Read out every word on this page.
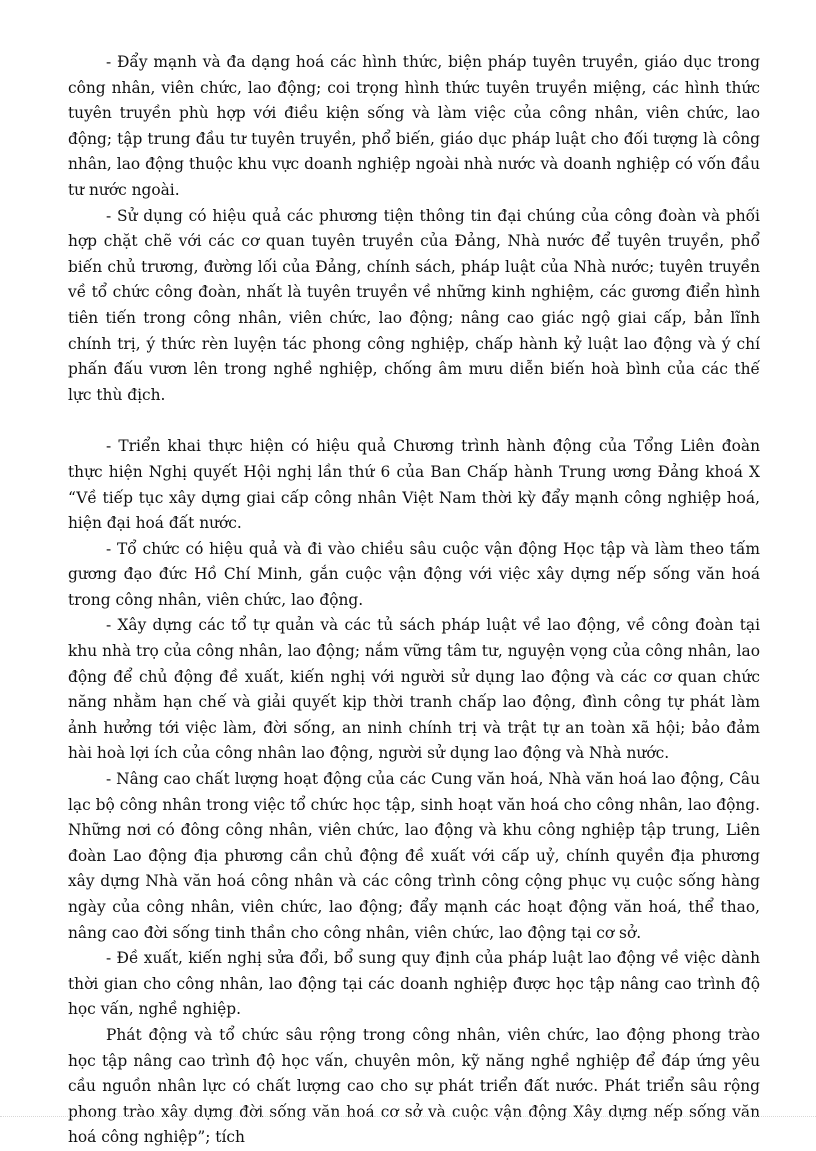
- Đẩy mạnh và đa dạng hoá các hình thức, biện pháp tuyên truyền, giáo dục trong công nhân, viên chức, lao động; coi trọng hình thức tuyên truyền miệng, các hình thức tuyên truyền phù hợp với điều kiện sống và làm việc của công nhân, viên chức, lao động; tập trung đầu tư tuyên truyền, phổ biến, giáo dục pháp luật cho đối tượng là công nhân, lao động thuộc khu vực doanh nghiệp ngoài nhà nước và doanh nghiệp có vốn đầu tư nước ngoài.

- Sử dụng có hiệu quả các phương tiện thông tin đại chúng của công đoàn và phối hợp chặt chẽ với các cơ quan tuyên truyền của Đảng, Nhà nước để tuyên truyền, phổ biến chủ trương, đường lối của Đảng, chính sách, pháp luật của Nhà nước; tuyên truyền về tổ chức công đoàn, nhất là tuyên truyền về những kinh nghiệm, các gương điển hình tiên tiến trong công nhân, viên chức, lao động; nâng cao giác ngộ giai cấp, bản lĩnh chính trị, ý thức rèn luyện tác phong công nghiệp, chấp hành kỷ luật lao động và ý chí phấn đấu vươn lên trong nghề nghiệp, chống âm mưu diễn biến hoà bình của các thế lực thù địch.

- Triển khai thực hiện có hiệu quả Chương trình hành động của Tổng Liên đoàn thực hiện Nghị quyết Hội nghị lần thứ 6 của Ban Chấp hành Trung ương Đảng khoá X “Về tiếp tục xây dựng giai cấp công nhân Việt Nam thời kỳ đẩy mạnh công nghiệp hoá, hiện đại hoá đất nước.

- Tổ chức có hiệu quả và đi vào chiều sâu cuộc vận động Học tập và làm theo tấm gương đạo đức Hồ Chí Minh, gắn cuộc vận động với việc xây dựng nếp sống văn hoá trong công nhân, viên chức, lao động.

- Xây dựng các tổ tự quản và các tủ sách pháp luật về lao động, về công đoàn tại khu nhà trọ của công nhân, lao động; nắm vững tâm tư, nguyện vọng của công nhân, lao động để chủ động đề xuất, kiến nghị với người sử dụng lao động và các cơ quan chức năng nhằm hạn chế và giải quyết kịp thời tranh chấp lao động, đình công tự phát làm ảnh hưởng tới việc làm, đời sống, an ninh chính trị và trật tự an toàn xã hội; bảo đảm hài hoà lợi ích của công nhân lao động, người sử dụng lao động và Nhà nước.

- Nâng cao chất lượng hoạt động của các Cung văn hoá, Nhà văn hoá lao động, Câu lạc bộ công nhân trong việc tổ chức học tập, sinh hoạt văn hoá cho công nhân, lao động. Những nơi có đông công nhân, viên chức, lao động và khu công nghiệp tập trung, Liên đoàn Lao động địa phương cần chủ động đề xuất với cấp uỷ, chính quyền địa phương xây dựng Nhà văn hoá công nhân và các công trình công cộng phục vụ cuộc sống hàng ngày của công nhân, viên chức, lao động; đẩy mạnh các hoạt động văn hoá, thể thao, nâng cao đời sống tinh thần cho công nhân, viên chức, lao động tại cơ sở.

- Đề xuất, kiến nghị sửa đổi, bổ sung quy định của pháp luật lao động về việc dành thời gian cho công nhân, lao động tại các doanh nghiệp được học tập nâng cao trình độ học vấn, nghề nghiệp.

Phát động và tổ chức sâu rộng trong công nhân, viên chức, lao động phong trào học tập nâng cao trình độ học vấn, chuyên môn, kỹ năng nghề nghiệp để đáp ứng yêu cầu nguồn nhân lực có chất lượng cao cho sự phát triển đất nước. Phát triển sâu rộng phong trào xây dựng đời sống văn hoá cơ sở và cuộc vận động Xây dựng nếp sống văn hoá công nghiệp”; tích
